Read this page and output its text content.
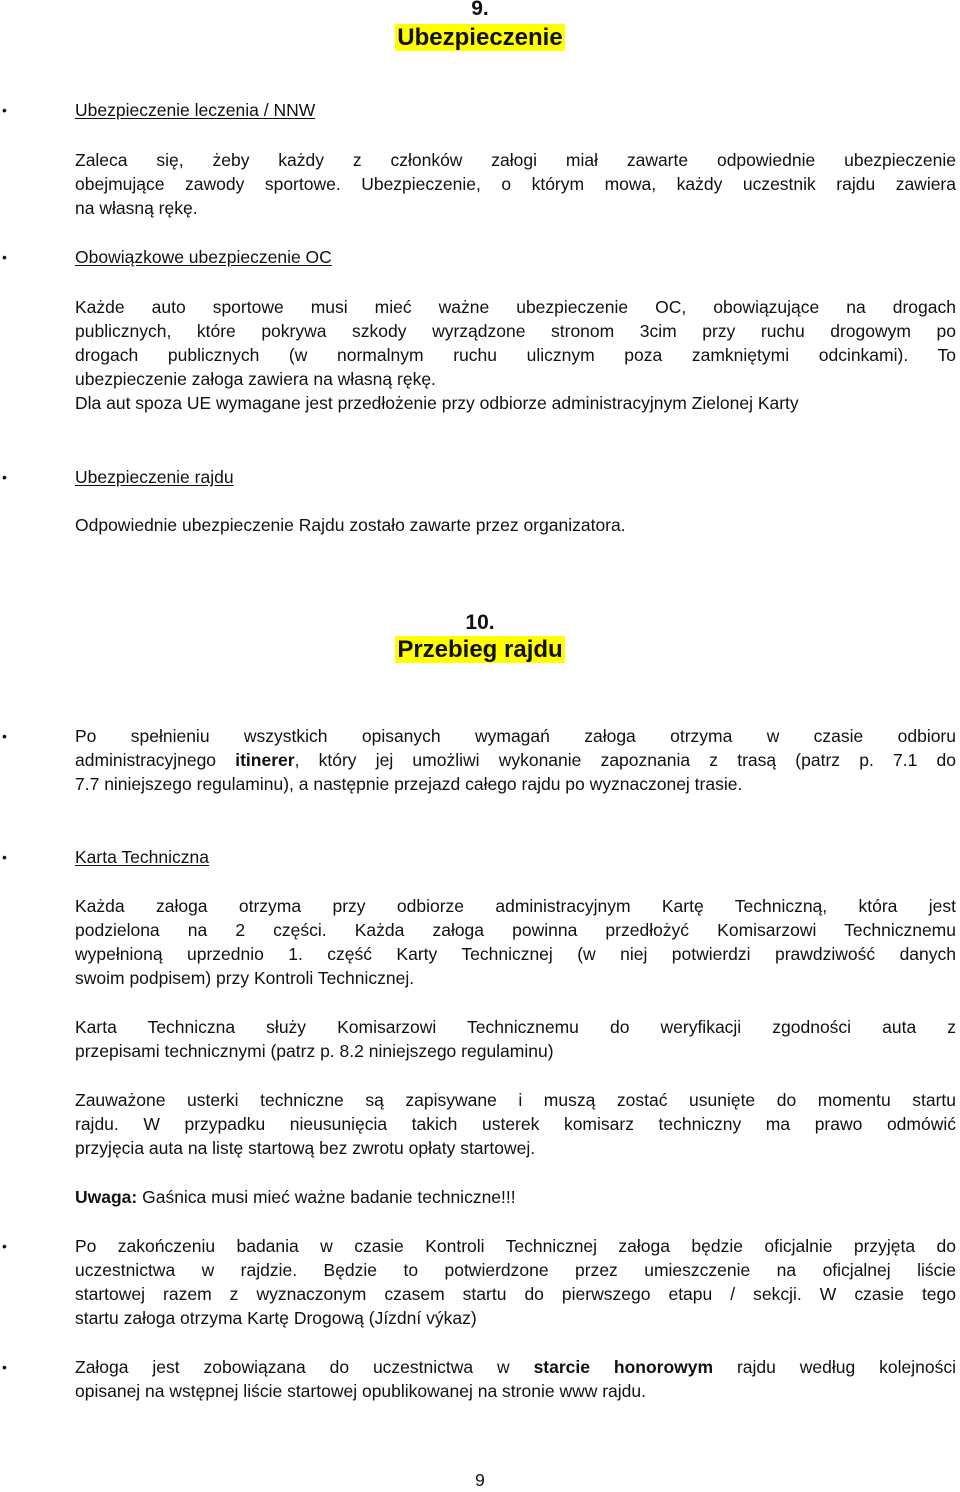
9.
Ubezpieczenie
•	Ubezpieczenie leczenia / NNW
Zaleca się, żeby każdy z członków załogi miał zawarte odpowiednie ubezpieczenie
obejmujące zawody sportowe. Ubezpieczenie, o którym mowa, każdy uczestnik rajdu zawiera
na własną rękę.
•	Obowiązkowe ubezpieczenie OC
Każde auto sportowe musi mieć ważne ubezpieczenie OC, obowiązujące na drogach
publicznych, które pokrywa szkody wyrządzone stronom 3cim przy ruchu drogowym po
drogach publicznych (w normalnym ruchu ulicznym poza zamkniętymi odcinkami). To
ubezpieczenie załoga zawiera na własną rękę.
Dla aut spoza UE wymagane jest przedłożenie przy odbiorze administracyjnym Zielonej Karty
•	Ubezpieczenie rajdu
Odpowiednie ubezpieczenie Rajdu zostało zawarte przez organizatora.
10.
Przebieg rajdu
•	Po spełnieniu wszystkich opisanych wymagań załoga otrzyma w czasie odbioru
administracyjnego itinerer, który jej umożliwi wykonanie zapoznania z trasą (patrz p. 7.1 do
7.7 niniejszego regulaminu), a następnie przejazd całego rajdu po wyznaczonej trasie.
•	Karta Techniczna
Każda załoga otrzyma przy odbiorze administracyjnym Kartę Techniczną, która jest
podzielona na 2 części. Każda załoga powinna przedłożyć Komisarzowi Technicznemu
wypełnioną uprzednio 1. część Karty Technicznej (w niej potwierdzi prawdziwość danych
swoim podpisem) przy Kontroli Technicznej.
Karta Techniczna służy Komisarzowi Technicznemu do weryfikacji zgodności auta z
przepisami technicznymi (patrz p. 8.2 niniejszego regulaminu)
Zauważone usterki techniczne są zapisywane i muszą zostać usunięte do momentu startu
rajdu. W przypadku nieusunięcia takich usterek komisarz techniczny ma prawo odmówić
przyjęcia auta na listę startową bez zwrotu opłaty startowej.
Uwaga: Gaśnica musi mieć ważne badanie techniczne!!!
•	Po zakończeniu badania w czasie Kontroli Technicznej załoga będzie oficjalnie przyjęta do
uczestnictwa w rajdzie. Będzie to potwierdzone przez umieszczenie na oficjalnej liście
startowej razem z wyznaczonym czasem startu do pierwszego etapu / sekcji. W czasie tego
startu załoga otrzyma Kartę Drogową (Jízdní výkaz)
•	Załoga jest zobowiązana do uczestnictwa w starcie honorowym rajdu według kolejności
opisanej na wstępnej liście startowej opublikowanej na stronie www rajdu.
9
